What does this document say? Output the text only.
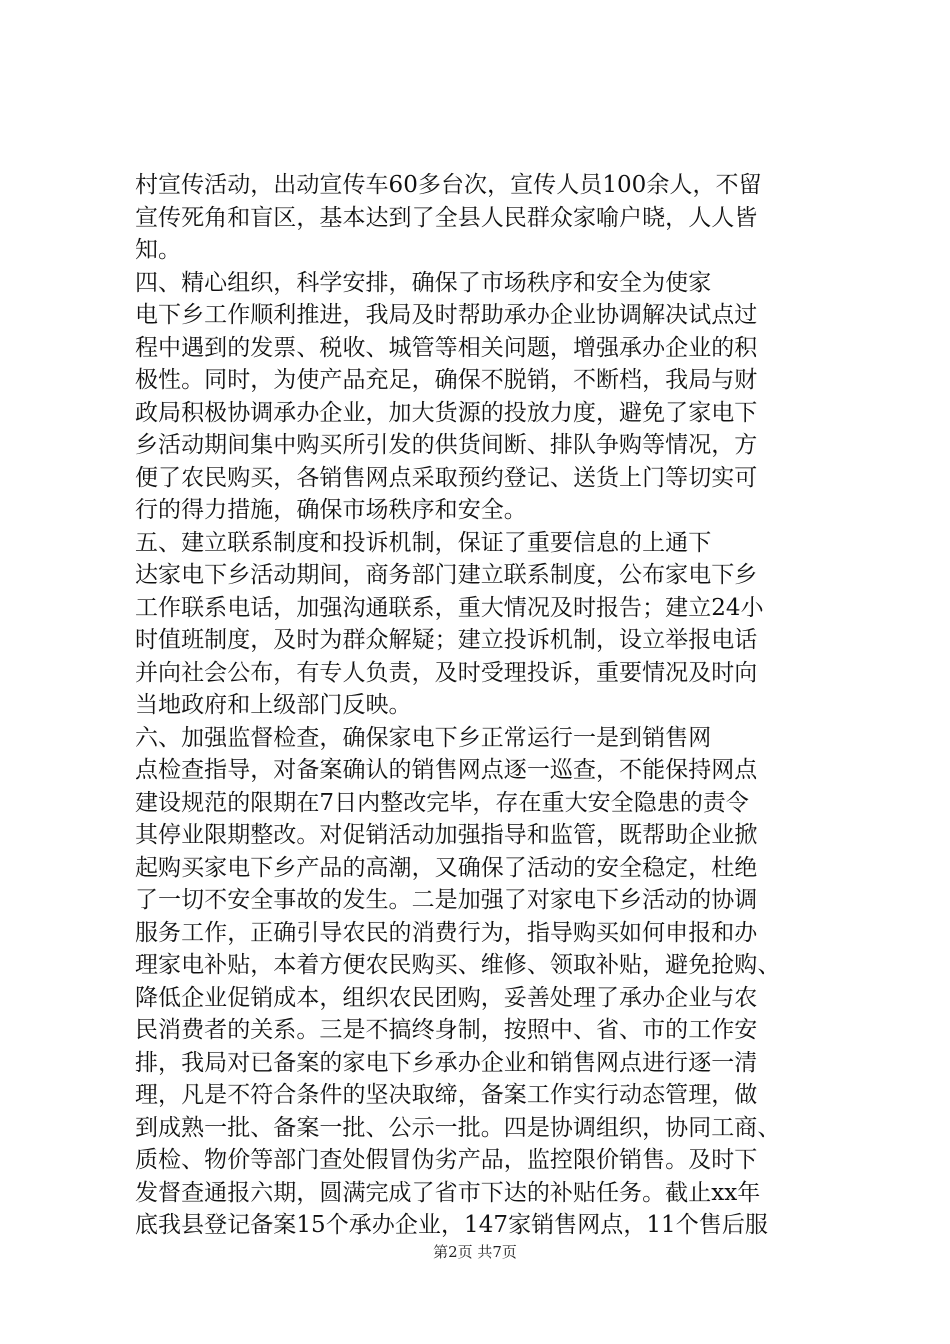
村宣传活动，出动宣传车60多台次，宣传人员100余人，不留
宣传死角和盲区，基本达到了全县人民群众家喻户晓，人人皆
知。
四、精心组织，科学安排，确保了市场秩序和安全为使家
电下乡工作顺利推进，我局及时帮助承办企业协调解决试点过
程中遇到的发票、税收、城管等相关问题，增强承办企业的积
极性。同时，为使产品充足，确保不脱销，不断档，我局与财
政局积极协调承办企业，加大货源的投放力度，避免了家电下
乡活动期间集中购买所引发的供货间断、排队争购等情况，方
便了农民购买，各销售网点采取预约登记、送货上门等切实可
行的得力措施，确保市场秩序和安全。
五、建立联系制度和投诉机制，保证了重要信息的上通下
达家电下乡活动期间，商务部门建立联系制度，公布家电下乡
工作联系电话，加强沟通联系，重大情况及时报告；建立24小
时值班制度，及时为群众解疑；建立投诉机制，设立举报电话
并向社会公布，有专人负责，及时受理投诉，重要情况及时向
当地政府和上级部门反映。
六、加强监督检查，确保家电下乡正常运行一是到销售网
点检查指导，对备案确认的销售网点逐一巡查，不能保持网点
建设规范的限期在7日内整改完毕，存在重大安全隐患的责令
其停业限期整改。对促销活动加强指导和监管，既帮助企业掀
起购买家电下乡产品的高潮，又确保了活动的安全稳定，杜绝
了一切不安全事故的发生。二是加强了对家电下乡活动的协调
服务工作，正确引导农民的消费行为，指导购买如何申报和办
理家电补贴，本着方便农民购买、维修、领取补贴，避免抢购、
降低企业促销成本，组织农民团购，妥善处理了承办企业与农
民消费者的关系。三是不搞终身制，按照中、省、市的工作安
排，我局对已备案的家电下乡承办企业和销售网点进行逐一清
理，凡是不符合条件的坚决取缔，备案工作实行动态管理，做
到成熟一批、备案一批、公示一批。四是协调组织，协同工商、
质检、物价等部门查处假冒伪劣产品，监控限价销售。及时下
发督查通报六期，圆满完成了省市下达的补贴任务。截止xx年
底我县登记备案15个承办企业，147家销售网点，11个售后服
第2页 共7页
